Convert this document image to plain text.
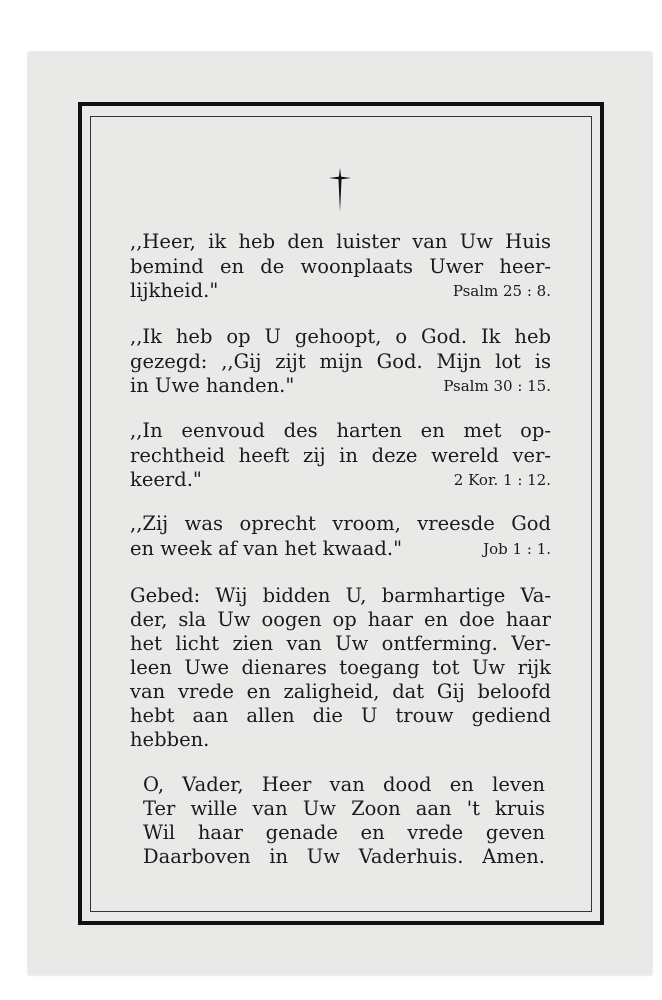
,,Heer, ik heb den luister van Uw Huis
bemind en de woonplaats Uwer heer-
lijkheid."	Psalm 25 : 8.
,,Ik heb op U gehoopt, o God. Ik heb
gezegd: ,,Gij zijt mijn God. Mijn lot is
in Uwe handen."	Psalm 30 : 15.
,,In eenvoud des harten en met op-
rechtheid heeft zij in deze wereld ver-
keerd."	2 Kor. 1 : 12.
,,Zij was oprecht vroom, vreesde God
en week af van het kwaad."	Job 1 : 1.
Gebed: Wij bidden U, barmhartige Va-
der, sla Uw oogen op haar en doe haar
het licht zien van Uw ontferming. Ver-
leen Uwe dienares toegang tot Uw rijk
van vrede en zaligheid, dat Gij beloofd
hebt aan allen die U trouw gediend
hebben.
O, Vader, Heer van dood en leven
Ter wille van Uw Zoon aan 't kruis
Wil haar genade en vrede geven
Daarboven in Uw Vaderhuis. Amen.
